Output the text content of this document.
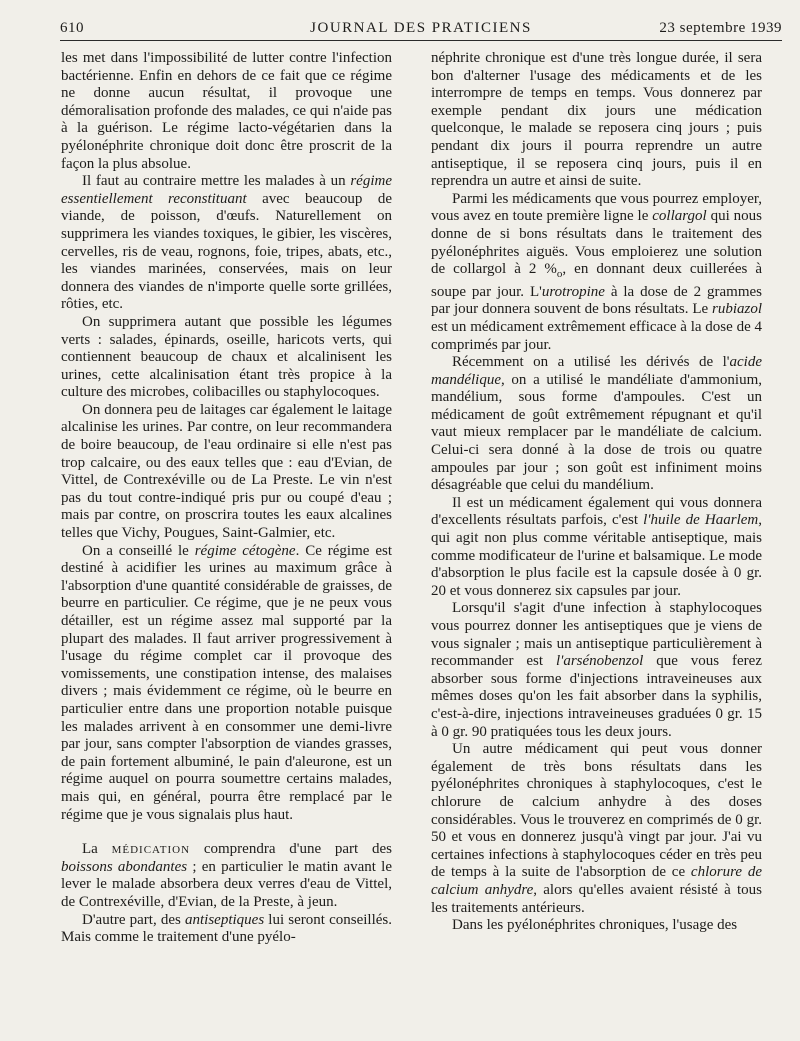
610	JOURNAL DES PRATICIENS	23 septembre 1939

les met dans l'impossibilité de lutter contre l'infection bactérienne. Enfin en dehors de ce fait que ce régime ne donne aucun résultat, il provoque une démoralisation profonde des malades, ce qui n'aide pas à la guérison. Le régime lacto-végétarien dans la pyélonéphrite chronique doit donc être proscrit de la façon la plus absolue.

Il faut au contraire mettre les malades à un régime essentiellement reconstituant avec beaucoup de viande, de poisson, d'œufs. Naturellement on supprimera les viandes toxiques, le gibier, les viscères, cervelles, ris de veau, rognons, foie, tripes, abats, etc., les viandes marinées, conservées, mais on leur donnera des viandes de n'importe quelle sorte grillées, rôties, etc.

On supprimera autant que possible les légumes verts : salades, épinards, oseille, haricots verts, qui contiennent beaucoup de chaux et alcalinisent les urines, cette alcalinisation étant très propice à la culture des microbes, colibacilles ou staphylocoques.

On donnera peu de laitages car également le laitage alcalinise les urines. Par contre, on leur recommandera de boire beaucoup, de l'eau ordinaire si elle n'est pas trop calcaire, ou des eaux telles que : eau d'Evian, de Vittel, de Contrexéville ou de La Preste. Le vin n'est pas du tout contre-indiqué pris pur ou coupé d'eau ; mais par contre, on proscrira toutes les eaux alcalines telles que Vichy, Pougues, Saint-Galmier, etc.

On a conseillé le régime cétogène. Ce régime est destiné à acidifier les urines au maximum grâce à l'absorption d'une quantité considérable de graisses, de beurre en particulier. Ce régime, que je ne peux vous détailler, est un régime assez mal supporté par la plupart des malades. Il faut arriver progressivement à l'usage du régime complet car il provoque des vomissements, une constipation intense, des malaises divers ; mais évidemment ce régime, où le beurre en particulier entre dans une proportion notable puisque les malades arrivent à en consommer une demi-livre par jour, sans compter l'absorption de viandes grasses, de pain fortement albuminé, le pain d'aleurone, est un régime auquel on pourra soumettre certains malades, mais qui, en général, pourra être remplacé par le régime que je vous signalais plus haut.

La médication comprendra d'une part des boissons abondantes ; en particulier le matin avant le lever le malade absorbera deux verres d'eau de Vittel, de Contrexéville, d'Evian, de la Preste, à jeun.

D'autre part, des antiseptiques lui seront conseillés. Mais comme le traitement d'une pyélo-

néphrite chronique est d'une très longue durée, il sera bon d'alterner l'usage des médicaments et de les interrompre de temps en temps. Vous donnerez par exemple pendant dix jours une médication quelconque, le malade se reposera cinq jours ; puis pendant dix jours il pourra reprendre un autre antiseptique, il se reposera cinq jours, puis il en reprendra un autre et ainsi de suite.

Parmi les médicaments que vous pourrez employer, vous avez en toute première ligne le collargol qui nous donne de si bons résultats dans le traitement des pyélonéphrites aiguës. Vous emploierez une solution de collargol à 2 $\%_o$, en donnant deux cuillerées à soupe par jour. L'urotropine à la dose de 2 grammes par jour donnera souvent de bons résultats. Le rubiazol est un médicament extrêmement efficace à la dose de 4 comprimés par jour.

Récemment on a utilisé les dérivés de l'acide mandélique, on a utilisé le mandéliate d'ammonium, mandélium, sous forme d'ampoules. C'est un médicament de goût extrêmement répugnant et qu'il vaut mieux remplacer par le mandéliate de calcium. Celui-ci sera donné à la dose de trois ou quatre ampoules par jour ; son goût est infiniment moins désagréable que celui du mandélium.

Il est un médicament également qui vous donnera d'excellents résultats parfois, c'est l'huile de Haarlem, qui agit non plus comme véritable antiseptique, mais comme modificateur de l'urine et balsamique. Le mode d'absorption le plus facile est la capsule dosée à 0 gr. 20 et vous donnerez six capsules par jour.

Lorsqu'il s'agit d'une infection à staphylocoques vous pourrez donner les antiseptiques que je viens de vous signaler ; mais un antiseptique particulièrement à recommander est l'arsénobenzol que vous ferez absorber sous forme d'injections intraveineuses aux mêmes doses qu'on les fait absorber dans la syphilis, c'est-à-dire, injections intraveineuses graduées 0 gr. 15 à 0 gr. 90 pratiquées tous les deux jours.

Un autre médicament qui peut vous donner également de très bons résultats dans les pyélonéphrites chroniques à staphylocoques, c'est le chlorure de calcium anhydre à des doses considérables. Vous le trouverez en comprimés de 0 gr. 50 et vous en donnerez jusqu'à vingt par jour. J'ai vu certaines infections à staphylocoques céder en très peu de temps à la suite de l'absorption de ce chlorure de calcium anhydre, alors qu'elles avaient résisté à tous les traitements antérieurs.

Dans les pyélonéphrites chroniques, l'usage des
